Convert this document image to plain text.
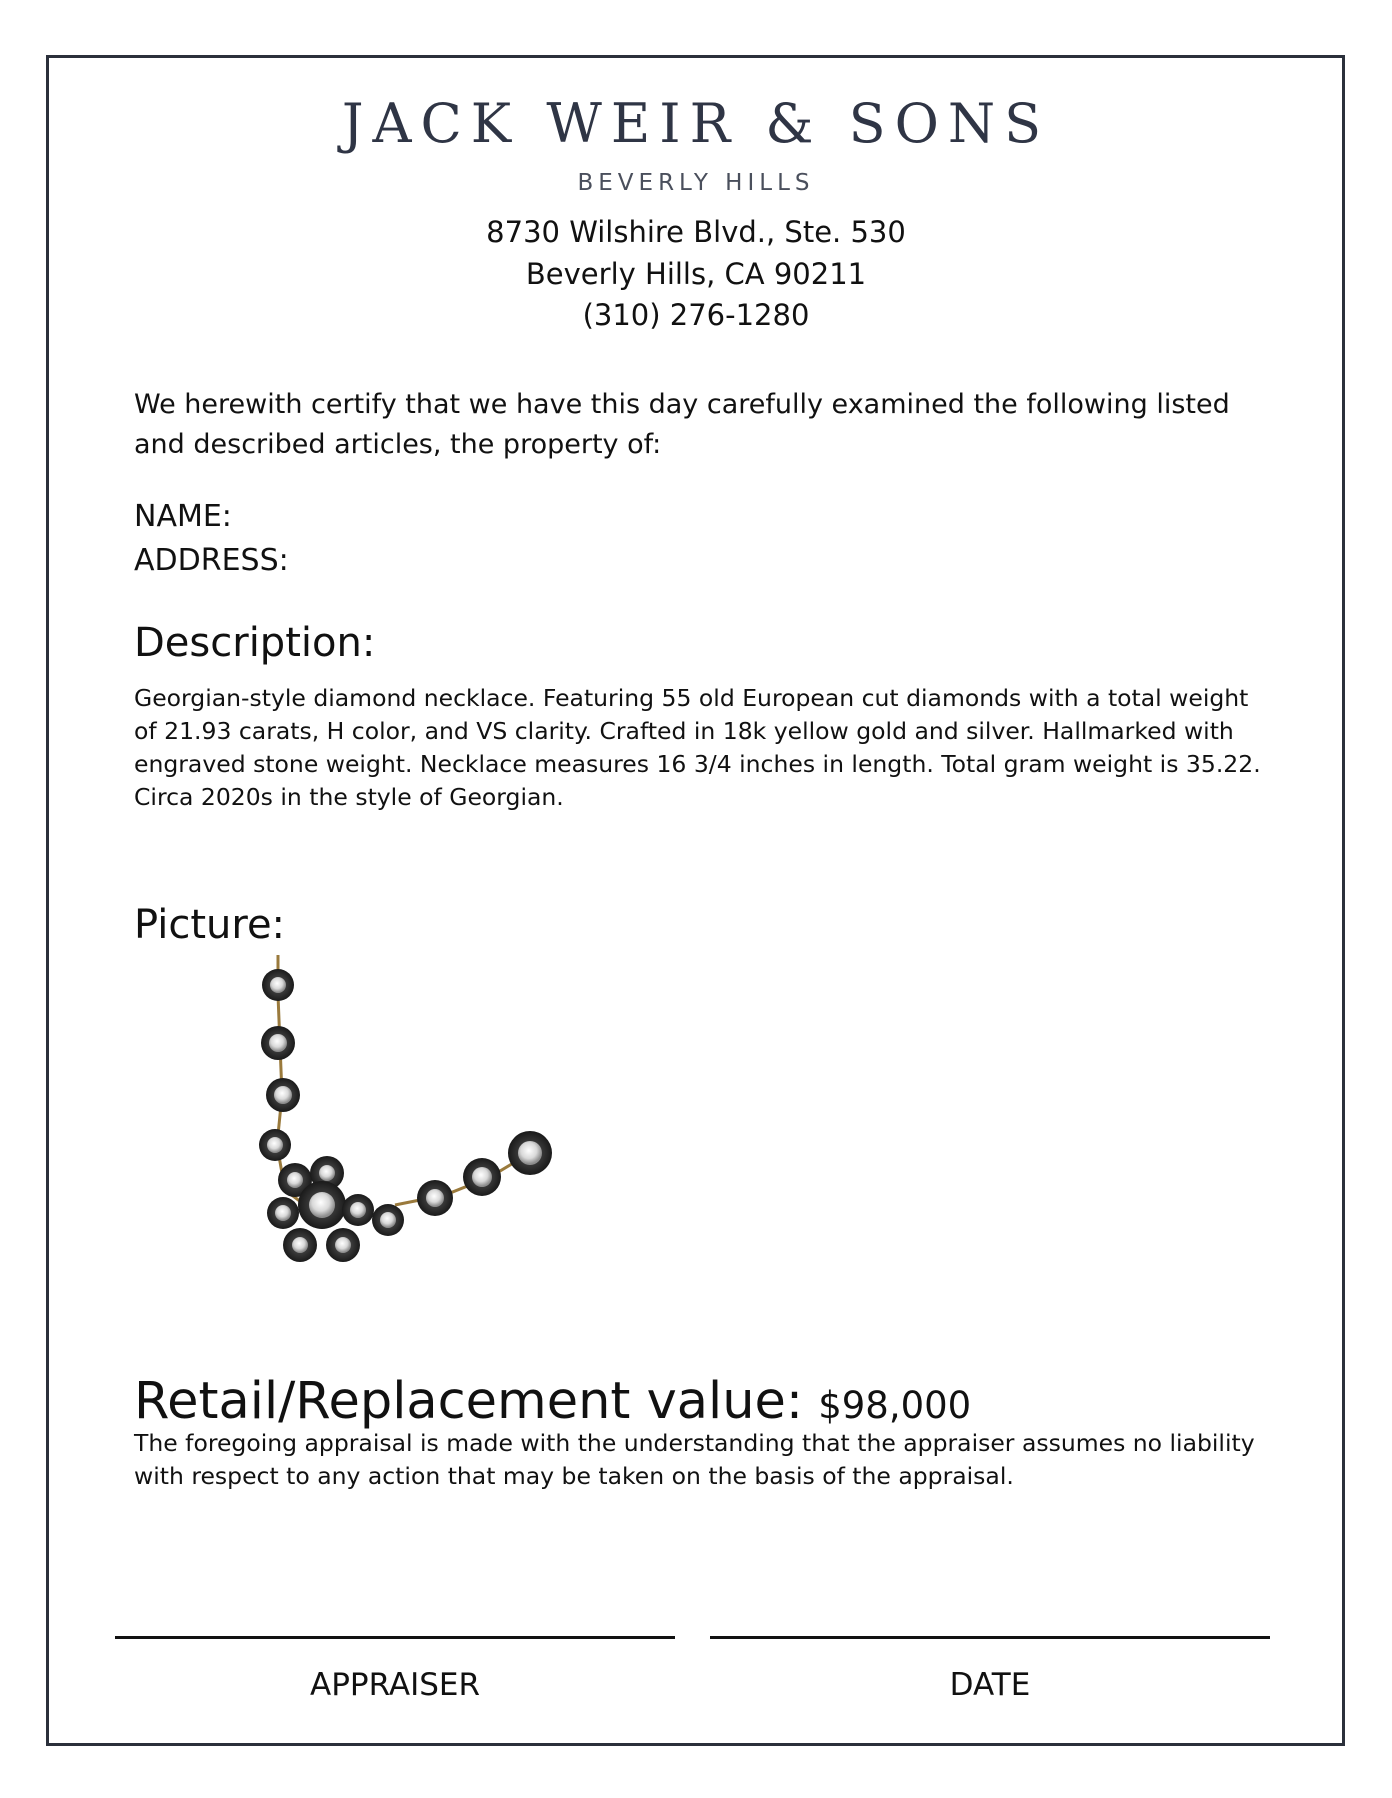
JACK WEIR & SONS
BEVERLY HILLS
8730 Wilshire Blvd., Ste. 530
Beverly Hills, CA 90211
(310) 276-1280
We herewith certify that we have this day carefully examined the following listed and described articles, the property of:
NAME:
ADDRESS:
Description:
Georgian-style diamond necklace. Featuring 55 old European cut diamonds with a total weight of 21.93 carats, H color, and VS clarity. Crafted in 18k yellow gold and silver. Hallmarked with engraved stone weight. Necklace measures 16 3/4 inches in length. Total gram weight is 35.22. Circa 2020s in the style of Georgian.
Picture:
Retail/Replacement value: $98,000
The foregoing appraisal is made with the understanding that the appraiser assumes no liability with respect to any action that may be taken on the basis of the appraisal.
APPRAISER	DATE
